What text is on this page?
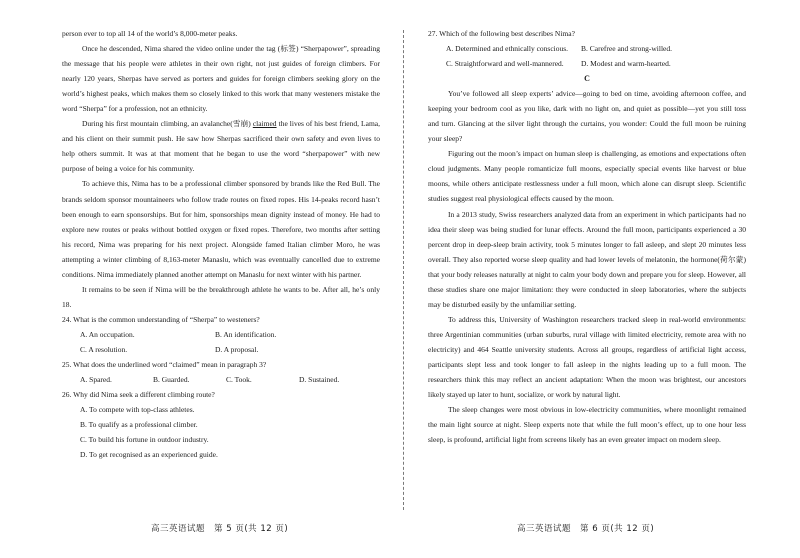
person ever to top all 14 of the world’s 8,000-meter peaks.

Once he descended, Nima shared the video online under the tag (标签) “Sherpapower”, spreading the message that his people were athletes in their own right, not just guides of foreign climbers. For nearly 120 years, Sherpas have served as porters and guides for foreign climbers seeking glory on the world’s highest peaks, which makes them so closely linked to this work that many westeners mistake the word “Sherpa” for a profession, not an ethnicity.

During his first mountain climbing, an avalanche(雪崩) claimed the lives of his best friend, Lama, and his client on their summit push. He saw how Sherpas sacrificed their own safety and even lives to help others summit. It was at that moment that he began to use the word “sherpapower” with new purpose of being a voice for his community.

To achieve this, Nima has to be a professional climber sponsored by brands like the Red Bull. The brands seldom sponsor mountaineers who follow trade routes on fixed ropes. His 14-peaks record hasn’t been enough to earn sponsorships. But for him, sponsorships mean dignity instead of money. He had to explore new routes or peaks without bottled oxygen or fixed ropes. Therefore, two months after setting his record, Nima was preparing for his next project. Alongside famed Italian climber Moro, he was attempting a winter climbing of 8,163-meter Manaslu, which was eventually cancelled due to extreme conditions. Nima immediately planned another attempt on Manaslu for next winter with his partner.

It remains to be seen if Nima will be the breakthrough athlete he wants to be. After all, he’s only 18.

24. What is the common understanding of “Sherpa” to westeners?
A. An occupation.	B. An identification.
C. A resolution.	D. A proposal.
25. What does the underlined word “claimed” mean in paragraph 3?
A. Spared.	B. Guarded.	C. Took.	D. Sustained.
26. Why did Nima seek a different climbing route?
A. To compete with top-class athletes.
B. To qualify as a professional climber.
C. To build his fortune in outdoor industry.
D. To get recognised as an experienced guide.
27. Which of the following best describes Nima?
A. Determined and ethnically conscious.	B. Carefree and strong-willed.
C. Straightforward and well-mannered.	D. Modest and warm-hearted.
C

You’ve followed all sleep experts’ advice—going to bed on time, avoiding afternoon coffee, and keeping your bedroom cool as you like, dark with no light on, and quiet as possible—yet you still toss and turn. Glancing at the silver light through the curtains, you wonder: Could the full moon be ruining your sleep?

Figuring out the moon’s impact on human sleep is challenging, as emotions and expectations often cloud judgments. Many people romanticize full moons, especially special events like harvest or blue moons, while others anticipate restlessness under a full moon, which alone can disrupt sleep. Scientific studies suggest real physiological effects caused by the moon.

In a 2013 study, Swiss researchers analyzed data from an experiment in which participants had no idea their sleep was being studied for lunar effects. Around the full moon, participants experienced a 30 percent drop in deep-sleep brain activity, took 5 minutes longer to fall asleep, and slept 20 minutes less overall. They also reported worse sleep quality and had lower levels of melatonin, the hormone(荷尔蒙) that your body releases naturally at night to calm your body down and prepare you for sleep. However, all these studies share one major limitation: they were conducted in sleep laboratories, where the subjects may be disturbed easily by the unfamiliar setting.

To address this, University of Washington researchers tracked sleep in real-world environments: three Argentinian communities (urban suburbs, rural village with limited electricity, remote area with no electricity) and 464 Seattle university students. Across all groups, regardless of artificial light access, participants slept less and took longer to fall asleep in the nights leading up to a full moon. The researchers think this may reflect an ancient adaptation: When the moon was brightest, our ancestors likely stayed up later to hunt, socialize, or work by natural light.

The sleep changes were most obvious in low-electricity communities, where moonlight remained the main light source at night. Sleep experts note that while the full moon’s effect, up to one hour less sleep, is profound, artificial light from screens likely has an even greater impact on modern sleep.

高三英语试题　第 5 页(共 12 页)	高三英语试题　第 6 页(共 12 页)
